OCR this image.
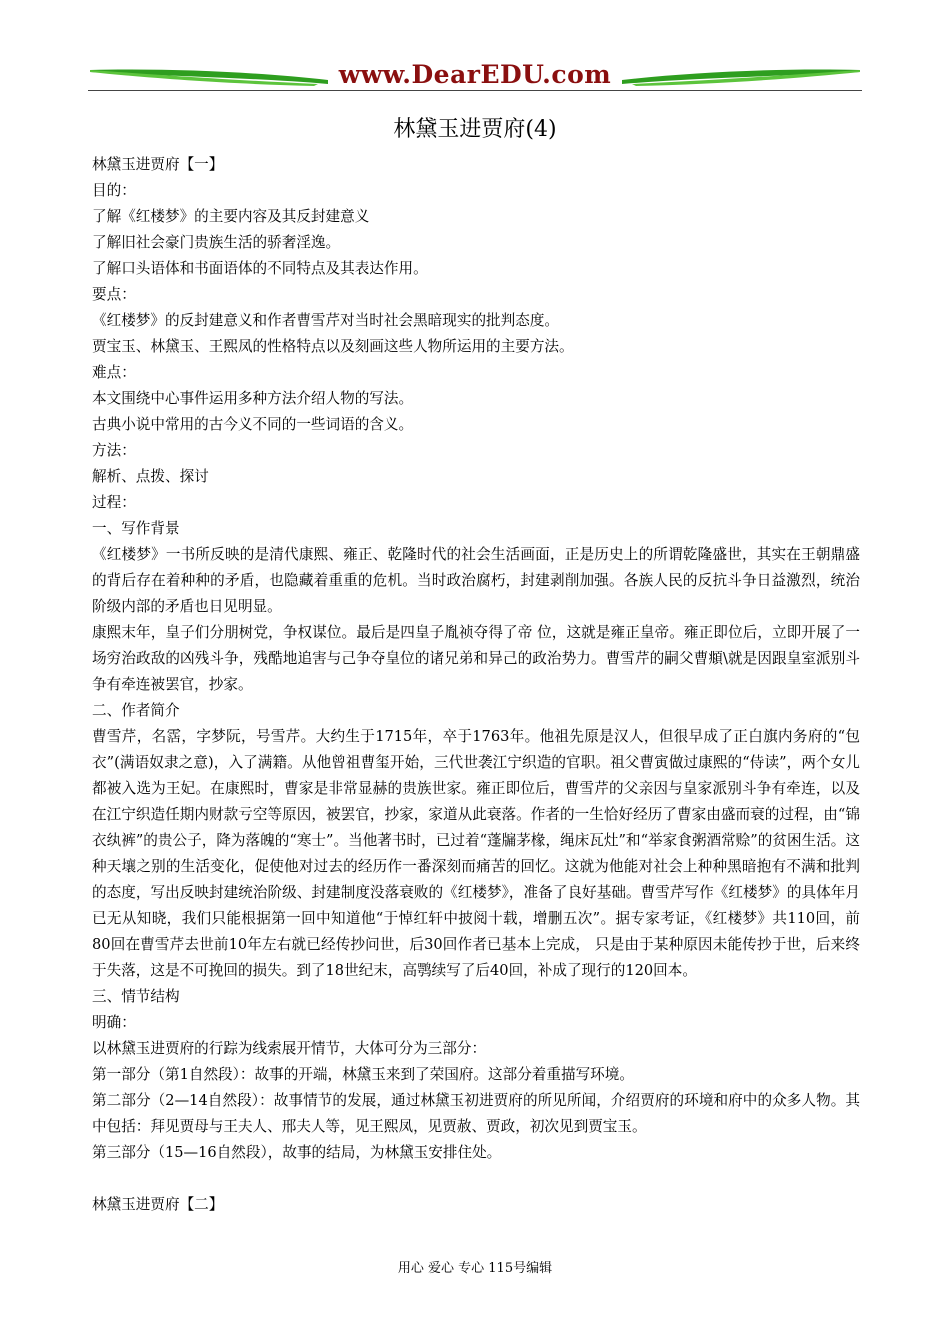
www.DearEDU.com
林黛玉进贾府(4)

林黛玉进贾府【一】

目的：

了解《红楼梦》的主要内容及其反封建意义

了解旧社会豪门贵族生活的骄奢淫逸。

了解口头语体和书面语体的不同特点及其表达作用。

要点：

《红楼梦》的反封建意义和作者曹雪芹对当时社会黑暗现实的批判态度。

贾宝玉、林黛玉、王熙凤的性格特点以及刻画这些人物所运用的主要方法。

难点：

本文围绕中心事件运用多种方法介绍人物的写法。

古典小说中常用的古今义不同的一些词语的含义。

方法：

解析、点拨、探讨

过程：

一、写作背景

《红楼梦》一书所反映的是清代康熙、雍正、乾隆时代的社会生活画面，正是历史上的所谓乾隆盛世，其实在王朝鼎盛的背后存在着种种的矛盾，也隐藏着重重的危机。当时政治腐朽，封建剥削加强。各族人民的反抗斗争日益激烈，统治阶级内部的矛盾也日见明显。

康熙末年，皇子们分朋树党，争权谋位。最后是四皇子胤祯夺得了帝 位，这就是雍正皇帝。雍正即位后，立即开展了一场穷治政敌的凶残斗争，残酷地追害与己争夺皇位的诸兄弟和异己的政治势力。曹雪芹的嗣父曹頫\就是因跟皇室派别斗争有牵连被罢官，抄家。

二、作者简介

曹雪芹，名霑，字梦阮，号雪芹。大约生于1715年，卒于1763年。他祖先原是汉人，但很早成了正白旗内务府的“包衣”(满语奴隶之意)，入了满籍。从他曾祖曹玺开始，三代世袭江宁织造的官职。祖父曹寅做过康熙的“侍读”，两个女儿都被入选为王妃。在康熙时，曹家是非常显赫的贵族世家。雍正即位后，曹雪芹的父亲因与皇家派别斗争有牵连，以及在江宁织造任期内财款亏空等原因，被罢官，抄家，家道从此衰落。作者的一生恰好经历了曹家由盛而衰的过程，由“锦衣纨裤”的贵公子，降为落魄的“寒士”。当他著书时，已过着“蓬牖茅椽，绳床瓦灶”和“举家食粥酒常赊”的贫困生活。这种天壤之别的生活变化，促使他对过去的经历作一番深刻而痛苦的回忆。这就为他能对社会上种种黑暗抱有不满和批判的态度，写出反映封建统治阶级、封建制度没落衰败的《红楼梦》，准备了良好基础。曹雪芹写作《红楼梦》的具体年月已无从知晓，我们只能根据第一回中知道他“于悼红轩中披阅十载，增删五次”。据专家考证，《红楼梦》共110回，前80回在曹雪芹去世前10年左右就已经传抄问世，后30回作者已基本上完成， 只是由于某种原因未能传抄于世，后来终于失落，这是不可挽回的损失。到了18世纪末，高鹗续写了后40回，补成了现行的120回本。

三、情节结构

明确：

以林黛玉进贾府的行踪为线索展开情节，大体可分为三部分：

第一部分（第1自然段）：故事的开端，林黛玉来到了荣国府。这部分着重描写环境。

第二部分（2—14自然段）：故事情节的发展，通过林黛玉初进贾府的所见所闻，介绍贾府的环境和府中的众多人物。其中包括：拜见贾母与王夫人、邢夫人等，见王熙凤，见贾赦、贾政，初次见到贾宝玉。

第三部分（15—16自然段），故事的结局，为林黛玉安排住处。

林黛玉进贾府【二】

用心 爱心 专心 115号编辑
